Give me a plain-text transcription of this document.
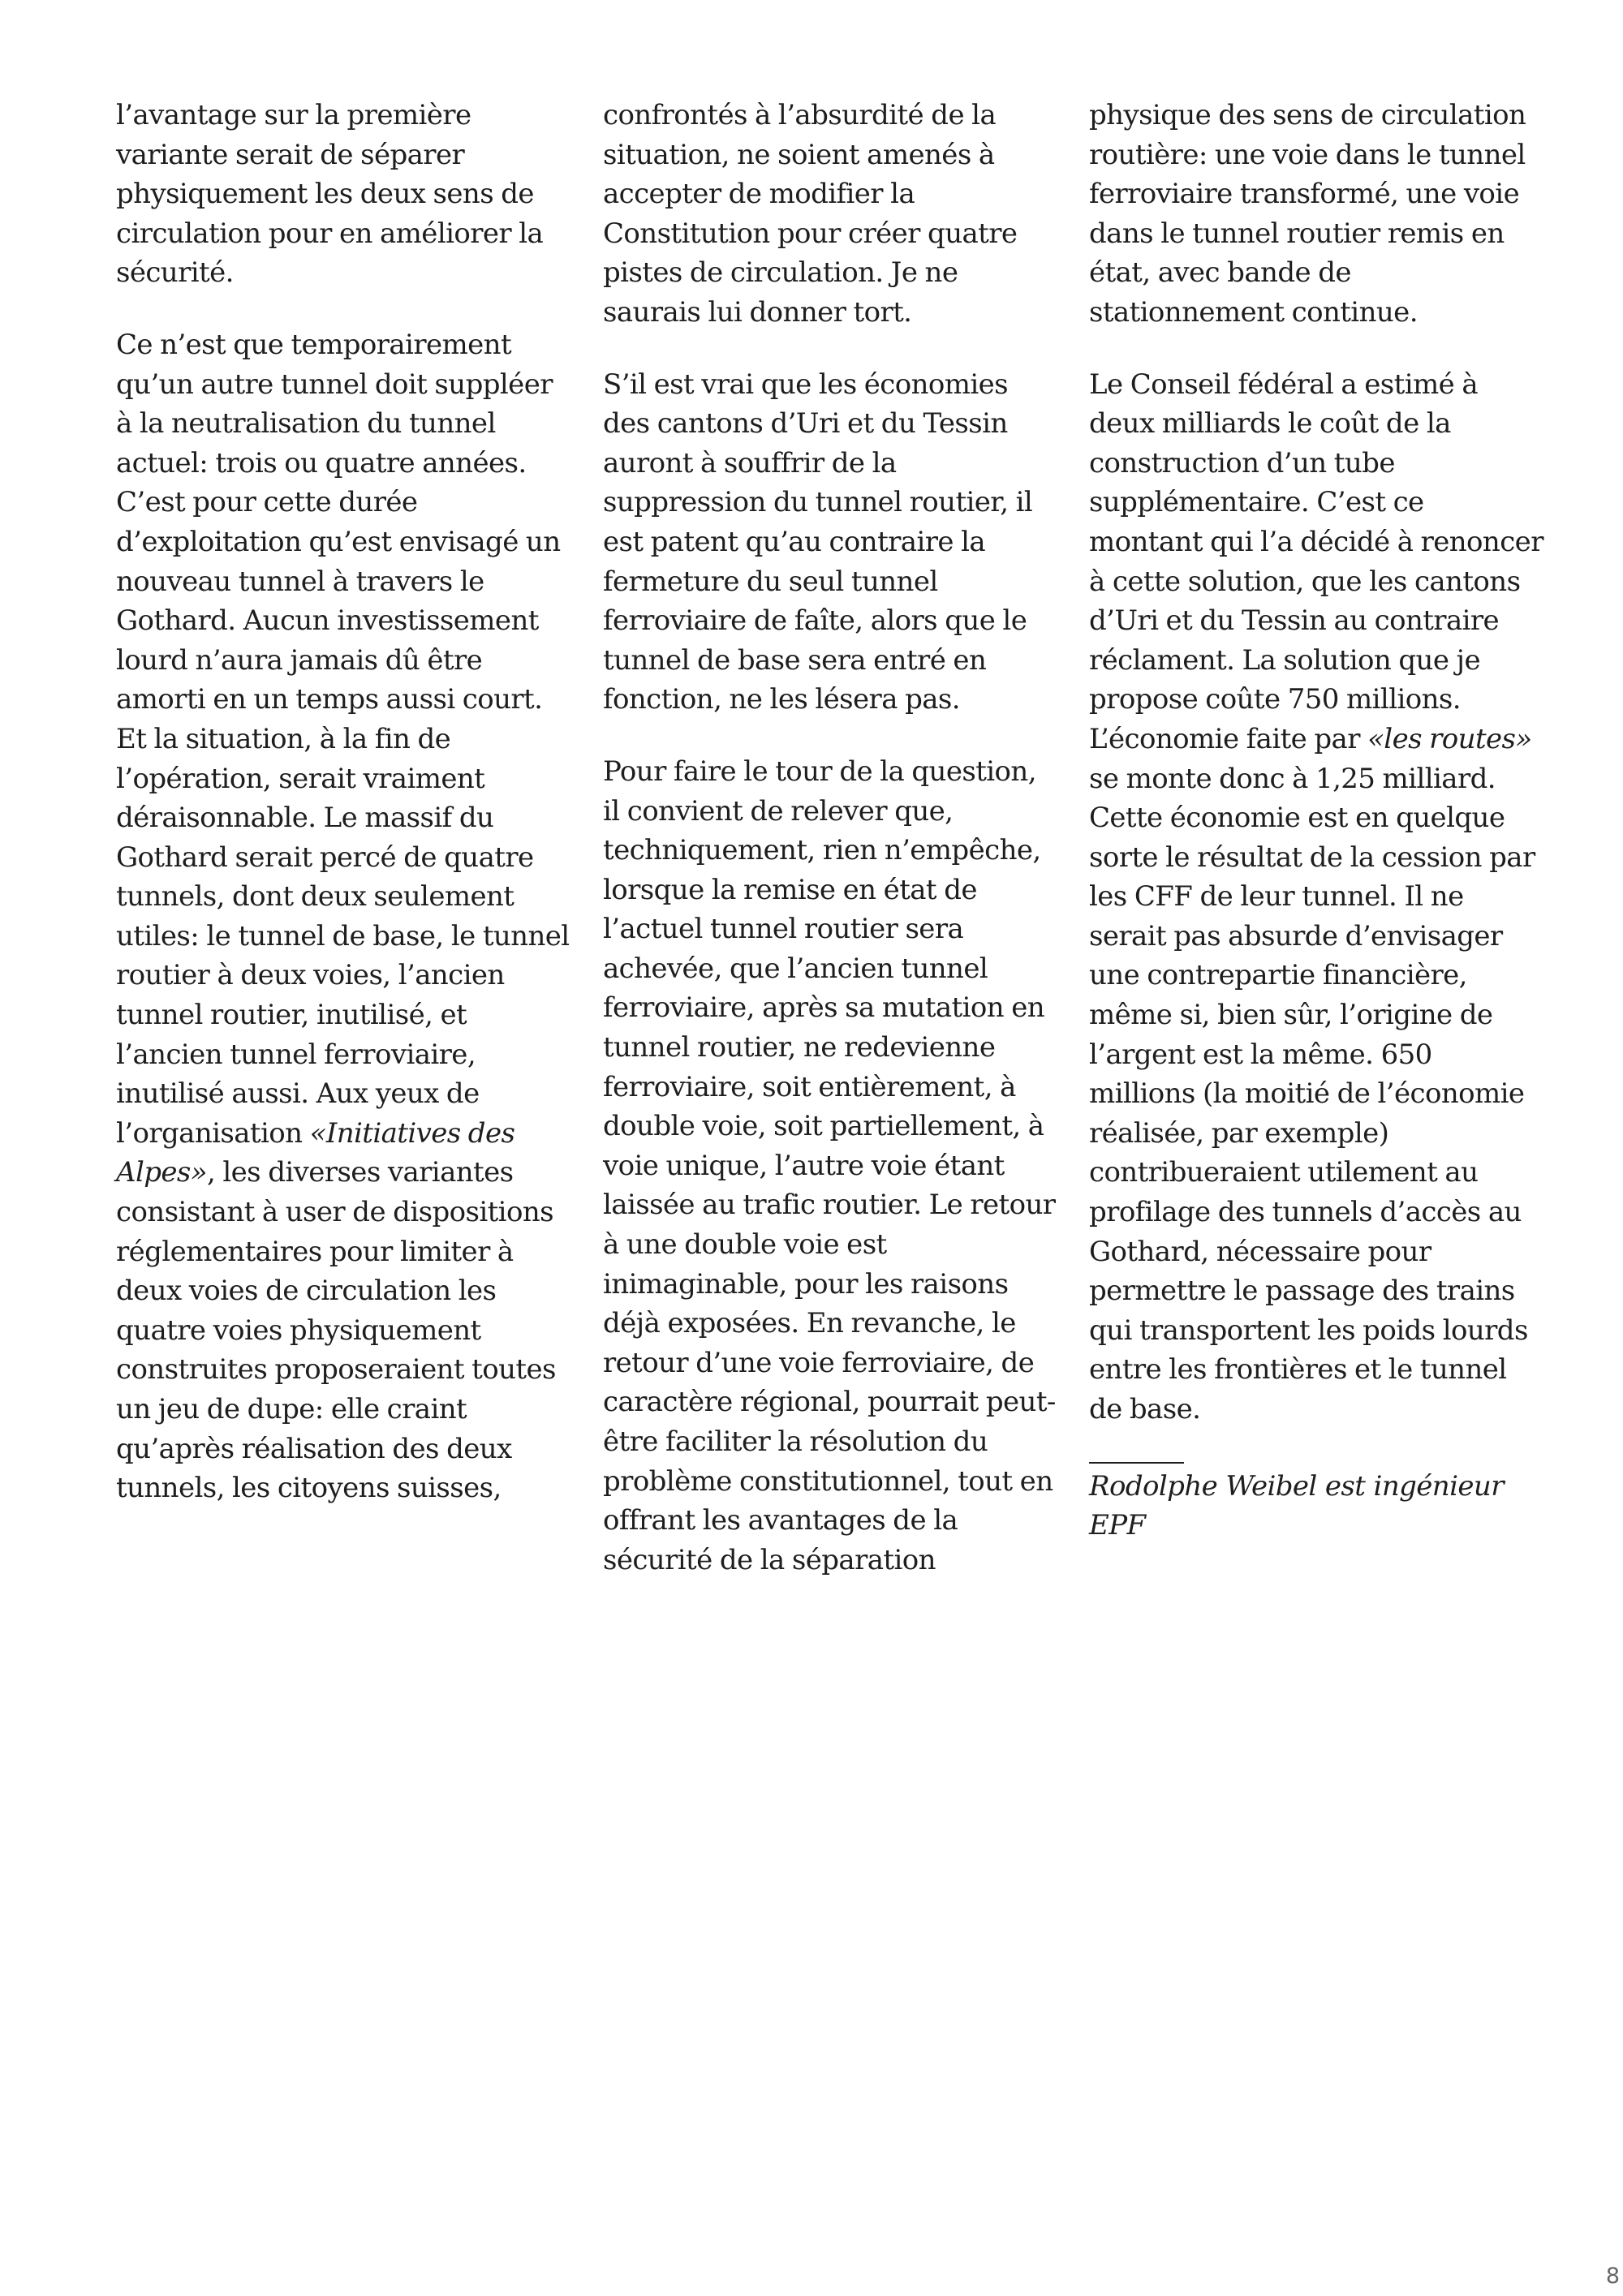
l’avantage sur la première variante serait de séparer physiquement les deux sens de circulation pour en améliorer la sécurité.

Ce n’est que temporairement qu’un autre tunnel doit suppléer à la neutralisation du tunnel actuel: trois ou quatre années. C’est pour cette durée d’exploitation qu’est envisagé un nouveau tunnel à travers le Gothard. Aucun investissement lourd n’aura jamais dû être amorti en un temps aussi court. Et la situation, à la fin de l’opération, serait vraiment déraisonnable. Le massif du Gothard serait percé de quatre tunnels, dont deux seulement utiles: le tunnel de base, le tunnel routier à deux voies, l’ancien tunnel routier, inutilisé, et l’ancien tunnel ferroviaire, inutilisé aussi. Aux yeux de l’organisation «Initiatives des Alpes», les diverses variantes consistant à user de dispositions réglementaires pour limiter à deux voies de circulation les quatre voies physiquement construites proposeraient toutes un jeu de dupe: elle craint qu’après réalisation des deux tunnels, les citoyens suisses,

confrontés à l’absurdité de la situation, ne soient amenés à accepter de modifier la Constitution pour créer quatre pistes de circulation. Je ne saurais lui donner tort.

S’il est vrai que les économies des cantons d’Uri et du Tessin auront à souffrir de la suppression du tunnel routier, il est patent qu’au contraire la fermeture du seul tunnel ferroviaire de faîte, alors que le tunnel de base sera entré en fonction, ne les lésera pas.

Pour faire le tour de la question, il convient de relever que, techniquement, rien n’empêche, lorsque la remise en état de l’actuel tunnel routier sera achevée, que l’ancien tunnel ferroviaire, après sa mutation en tunnel routier, ne redevienne ferroviaire, soit entièrement, à double voie, soit partiellement, à voie unique, l’autre voie étant laissée au trafic routier. Le retour à une double voie est inimaginable, pour les raisons déjà exposées. En revanche, le retour d’une voie ferroviaire, de caractère régional, pourrait peut-être faciliter la résolution du problème constitutionnel, tout en offrant les avantages de la sécurité de la séparation

physique des sens de circulation routière: une voie dans le tunnel ferroviaire transformé, une voie dans le tunnel routier remis en état, avec bande de stationnement continue.

Le Conseil fédéral a estimé à deux milliards le coût de la construction d’un tube supplémentaire. C’est ce montant qui l’a décidé à renoncer à cette solution, que les cantons d’Uri et du Tessin au contraire réclament. La solution que je propose coûte 750 millions. L’économie faite par «les routes» se monte donc à 1,25 milliard. Cette économie est en quelque sorte le résultat de la cession par les CFF de leur tunnel. Il ne serait pas absurde d’envisager une contrepartie financière, même si, bien sûr, l’origine de l’argent est la même. 650 millions (la moitié de l’économie réalisée, par exemple) contribueraient utilement au profilage des tunnels d’accès au Gothard, nécessaire pour permettre le passage des trains qui transportent les poids lourds entre les frontières et le tunnel de base.

Rodolphe Weibel est ingénieur EPF

8
